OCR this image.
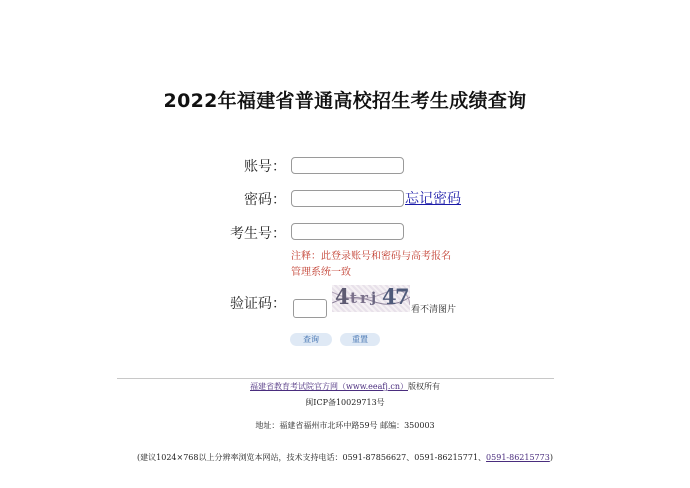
2022年福建省普通高校招生考生成绩查询
账号：
密码：	忘记密码
考生号：
注释：此登录账号和密码与高考报名
管理系统一致
验证码： 4 t r j 4
7
看不清图片
查询	重置
福建省教育考试院官方网（www.eeafj.cn）版权所有
闽ICP备10029713号
地址：福建省福州市北环中路59号 邮编：350003
(建议1024×768以上分辨率浏览本网站，技术支持电话：0591-87856627、0591-86215771、0591-86215773)
